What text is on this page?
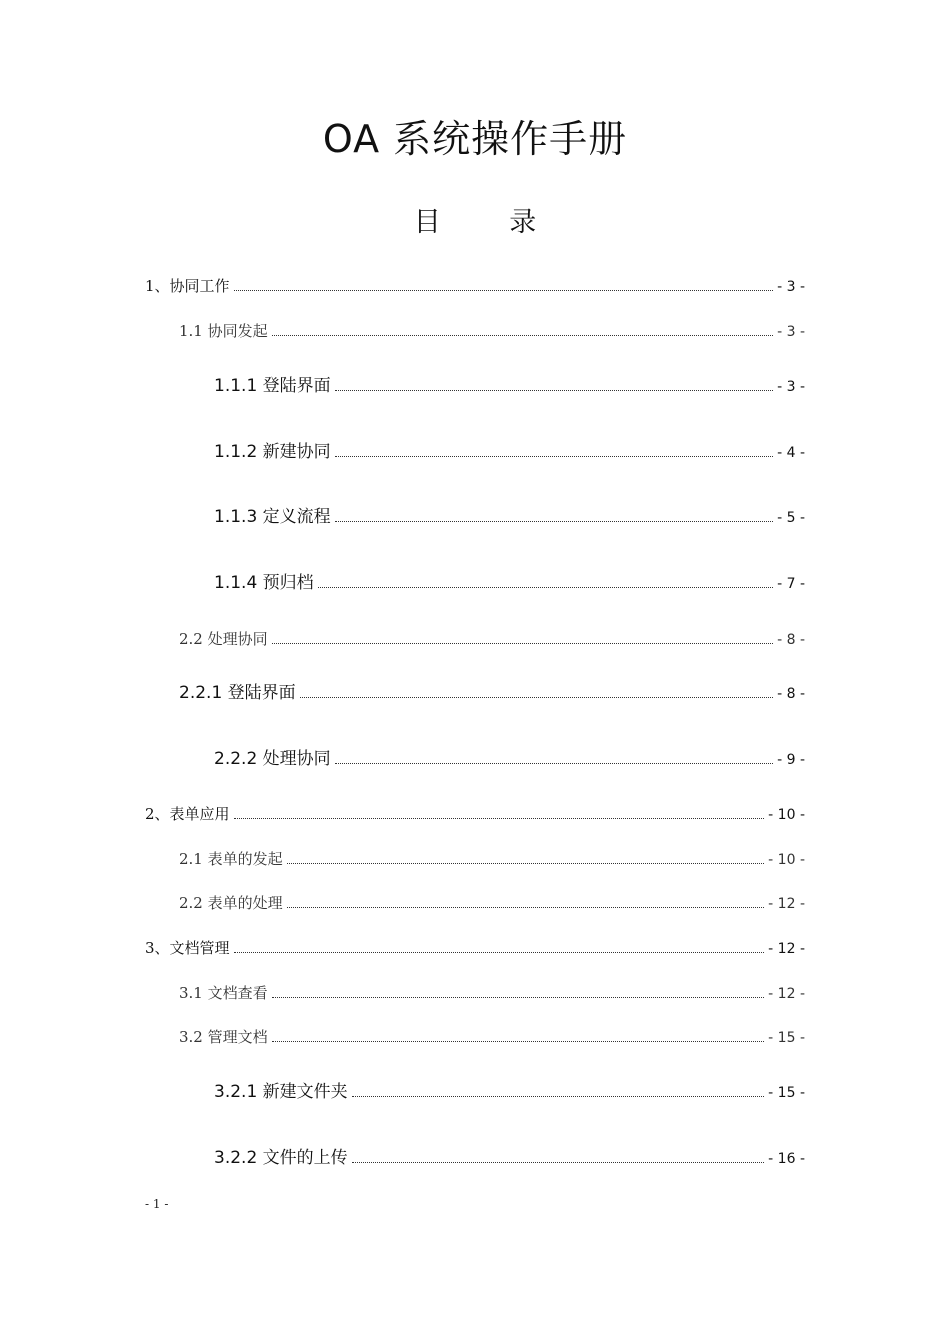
OA 系统操作手册
目 录
1、协同工作	- 3 -
1.1 协同发起	- 3 -
1.1.1 登陆界面	- 3 -
1.1.2 新建协同	- 4 -
1.1.3 定义流程	- 5 -
1.1.4 预归档	- 7 -
2.2 处理协同	- 8 -
2.2.1 登陆界面	- 8 -
2.2.2 处理协同	- 9 -
2、表单应用	- 10 -
2.1 表单的发起	- 10 -
2.2 表单的处理	- 12 -
3、文档管理	- 12 -
3.1 文档查看	- 12 -
3.2 管理文档	- 15 -
3.2.1 新建文件夹	- 15 -
3.2.2 文件的上传	- 16 -
- 1 -
